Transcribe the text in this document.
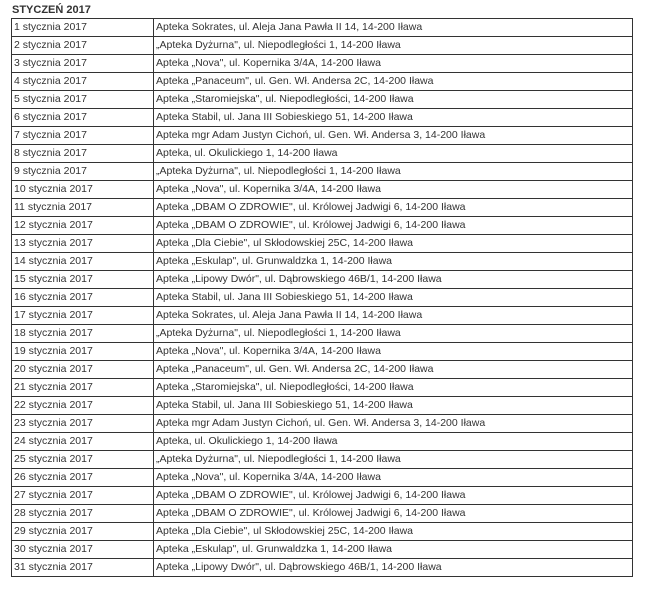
STYCZEŃ 2017
1 stycznia 2017	Apteka Sokrates, ul. Aleja Jana Pawła II 14, 14-200 Iława
2 stycznia 2017	„Apteka Dyżurna", ul. Niepodległości 1, 14-200 Iława
3 stycznia 2017	Apteka „Nova", ul. Kopernika 3/4A, 14-200 Iława
4 stycznia 2017	Apteka „Panaceum", ul. Gen. Wł. Andersa 2C, 14-200 Iława
5 stycznia 2017	Apteka „Staromiejska", ul. Niepodległości, 14-200 Iława
6 stycznia 2017	Apteka Stabil, ul. Jana III Sobieskiego 51, 14-200 Iława
7 stycznia 2017	Apteka mgr Adam Justyn Cichoń, ul. Gen. Wł. Andersa 3, 14-200 Iława
8 stycznia 2017	Apteka, ul. Okulickiego 1, 14-200 Iława
9 stycznia 2017	„Apteka Dyżurna", ul. Niepodległości 1, 14-200 Iława
10 stycznia 2017	Apteka „Nova", ul. Kopernika 3/4A, 14-200 Iława
11 stycznia 2017	Apteka „DBAM O ZDROWIE", ul. Królowej Jadwigi 6, 14-200 Iława
12 stycznia 2017	Apteka „DBAM O ZDROWIE", ul. Królowej Jadwigi 6, 14-200 Iława
13 stycznia 2017	Apteka „Dla Ciebie", ul Skłodowskiej 25C, 14-200 Iława
14 stycznia 2017	Apteka „Eskulap", ul. Grunwaldzka 1, 14-200 Iława
15 stycznia 2017	Apteka „Lipowy Dwór", ul. Dąbrowskiego 46B/1, 14-200 Iława
16 stycznia 2017	Apteka Stabil, ul. Jana III Sobieskiego 51, 14-200 Iława
17 stycznia 2017	Apteka Sokrates, ul. Aleja Jana Pawła II 14, 14-200 Iława
18 stycznia 2017	„Apteka Dyżurna", ul. Niepodległości 1, 14-200 Iława
19 stycznia 2017	Apteka „Nova", ul. Kopernika 3/4A, 14-200 Iława
20 stycznia 2017	Apteka „Panaceum", ul. Gen. Wł. Andersa 2C, 14-200 Iława
21 stycznia 2017	Apteka „Staromiejska", ul. Niepodległości, 14-200 Iława
22 stycznia 2017	Apteka Stabil, ul. Jana III Sobieskiego 51, 14-200 Iława
23 stycznia 2017	Apteka mgr Adam Justyn Cichoń, ul. Gen. Wł. Andersa 3, 14-200 Iława
24 stycznia 2017	Apteka, ul. Okulickiego 1, 14-200 Iława
25 stycznia 2017	„Apteka Dyżurna", ul. Niepodległości 1, 14-200 Iława
26 stycznia 2017	Apteka „Nova", ul. Kopernika 3/4A, 14-200 Iława
27 stycznia 2017	Apteka „DBAM O ZDROWIE", ul. Królowej Jadwigi 6, 14-200 Iława
28 stycznia 2017	Apteka „DBAM O ZDROWIE", ul. Królowej Jadwigi 6, 14-200 Iława
29 stycznia 2017	Apteka „Dla Ciebie", ul Skłodowskiej 25C, 14-200 Iława
30 stycznia 2017	Apteka „Eskulap", ul. Grunwaldzka 1, 14-200 Iława
31 stycznia 2017	Apteka „Lipowy Dwór", ul. Dąbrowskiego 46B/1, 14-200 Iława
